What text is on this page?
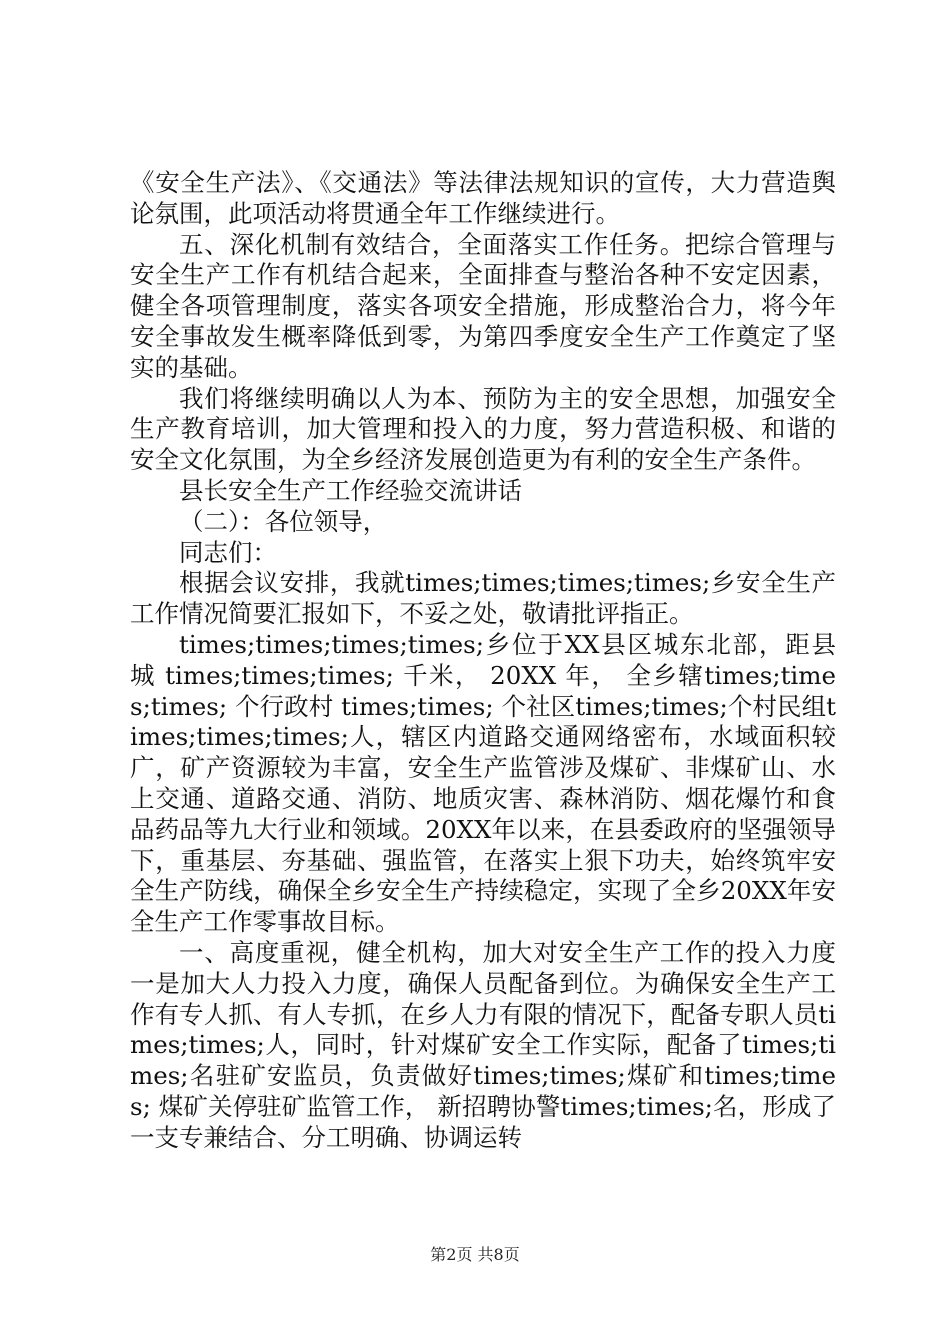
《安全生产法》、《交通法》等法律法规知识的宣传，大力营造舆论氛围，此项活动将贯通全年工作继续进行。

五、深化机制有效结合，全面落实工作任务。把综合管理与安全生产工作有机结合起来，全面排查与整治各种不安定因素，健全各项管理制度，落实各项安全措施，形成整治合力，将今年安全事故发生概率降低到零，为第四季度安全生产工作奠定了坚实的基础。

我们将继续明确以人为本、预防为主的安全思想，加强安全生产教育培训，加大管理和投入的力度，努力营造积极、和谐的安全文化氛围，为全乡经济发展创造更为有利的安全生产条件。

县长安全生产工作经验交流讲话

（二）：各位领导，

同志们：

根据会议安排，我就times;times;times;times;乡安全生产工作情况简要汇报如下，不妥之处，敬请批评指正。

times;times;times;times;乡位于XX县区城东北部，距县城 times;times;times; 千米， 20XX 年， 全乡辖times;times;times; 个行政村 times;times; 个社区times;times;个村民组times;times;times;人，辖区内道路交通网络密布，水域面积较广，矿产资源较为丰富，安全生产监管涉及煤矿、非煤矿山、水上交通、道路交通、消防、地质灾害、森林消防、烟花爆竹和食品药品等九大行业和领域。20XX年以来，在县委政府的坚强领导下，重基层、夯基础、强监管，在落实上狠下功夫，始终筑牢安全生产防线，确保全乡安全生产持续稳定，实现了全乡20XX年安全生产工作零事故目标。

一、高度重视，健全机构，加大对安全生产工作的投入力度一是加大人力投入力度，确保人员配备到位。为确保安全生产工作有专人抓、有人专抓，在乡人力有限的情况下，配备专职人员times;times;人，同时，针对煤矿安全工作实际，配备了times;times;名驻矿安监员，负责做好times;times;煤矿和times;times; 煤矿关停驻矿监管工作， 新招聘协警times;times;名，形成了一支专兼结合、分工明确、协调运转

第2页 共8页
